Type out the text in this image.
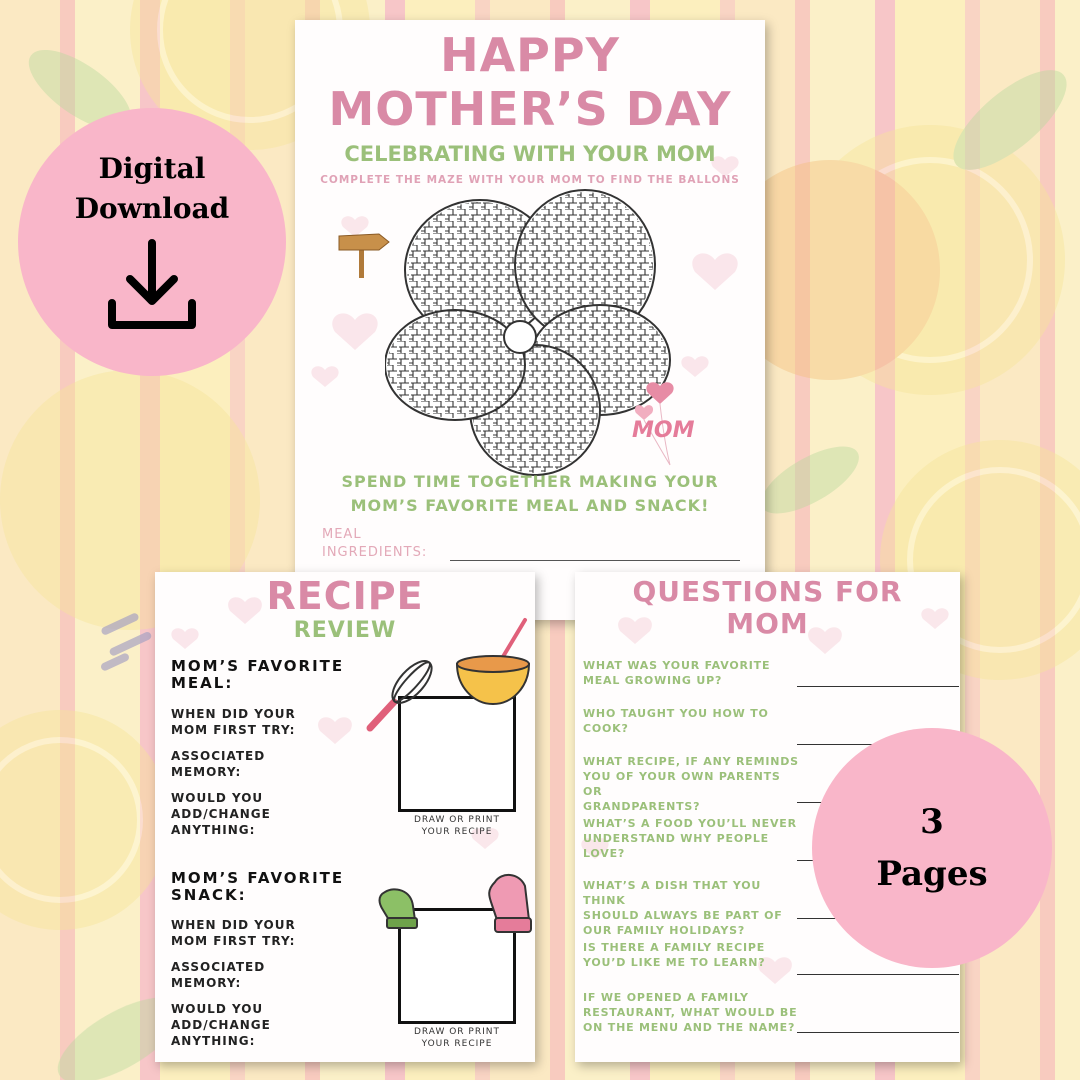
HAPPY
MOTHER’S DAY
CELEBRATING WITH YOUR MOM
COMPLETE THE MAZE WITH YOUR MOM TO FIND THE BALLONS
MOM
SPEND TIME TOGETHER MAKING YOUR
MOM’S FAVORITE MEAL AND SNACK!
MEAL
INGREDIENTS:
RECIPE
REVIEW
MOM’S FAVORITE
MEAL:
WHEN DID YOUR
MOM FIRST TRY:
ASSOCIATED
MEMORY:
WOULD YOU
ADD/CHANGE
ANYTHING:
DRAW OR PRINT
YOUR RECIPE
MOM’S FAVORITE
SNACK:
WHEN DID YOUR
MOM FIRST TRY:
ASSOCIATED
MEMORY:
WOULD YOU
ADD/CHANGE
ANYTHING:
DRAW OR PRINT
YOUR RECIPE
QUESTIONS FOR
MOM
WHAT WAS YOUR FAVORITE
MEAL GROWING UP?
WHO TAUGHT YOU HOW TO
COOK?
WHAT RECIPE, IF ANY REMINDS
YOU OF YOUR OWN PARENTS OR
GRANDPARENTS?
WHAT’S A FOOD YOU’LL NEVER
UNDERSTAND WHY PEOPLE
LOVE?
WHAT’S A DISH THAT YOU THINK
SHOULD ALWAYS BE PART OF
OUR FAMILY HOLIDAYS?
IS THERE A FAMILY RECIPE
YOU’D LIKE ME TO LEARN?
IF WE OPENED A FAMILY
RESTAURANT, WHAT WOULD BE
ON THE MENU AND THE NAME?
Digital
Download
3
Pages
